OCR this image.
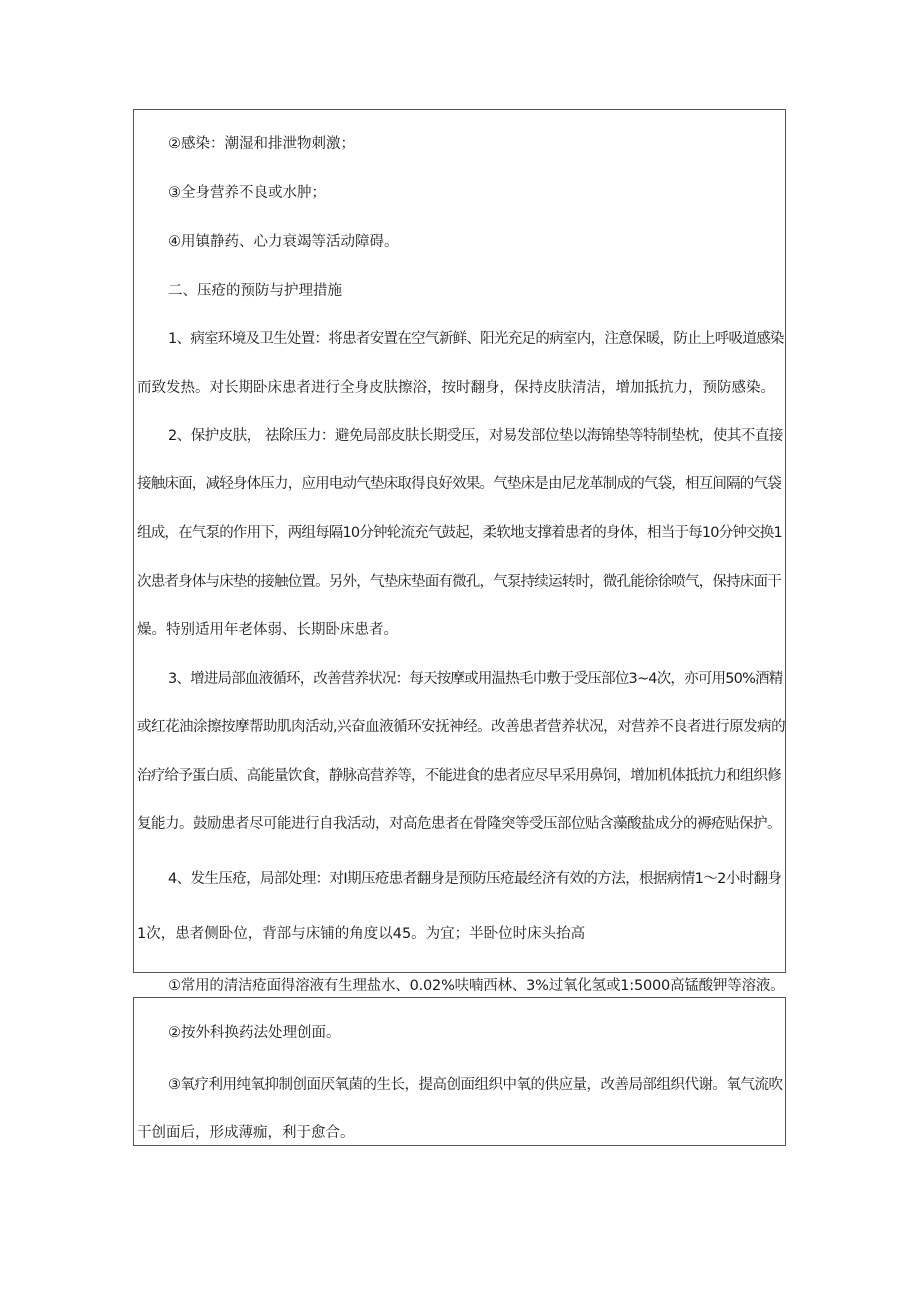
②感染：潮湿和排泄物刺激；
③全身营养不良或水肿；
④用镇静药、心力衰竭等活动障碍。
二、压疮的预防与护理措施
1、病室环境及卫生处置：将患者安置在空气新鲜、阳光充足的病室内，注意保暖，防止上呼吸道感染
而致发热。对长期卧床患者进行全身皮肤擦浴，按时翻身，保持皮肤清洁，增加抵抗力，预防感染。
2、保护皮肤， 祛除压力：避免局部皮肤长期受压，对易发部位垫以海锦垫等特制垫枕，使其不直接
接触床面，减轻身体压力，应用电动气垫床取得良好效果。气垫床是由尼龙革制成的气袋，相互间隔的气袋
组成，在气泵的作用下，两组每隔10分钟轮流充气鼓起，柔软地支撑着患者的身体，相当于每10分钟交换1
次患者身体与床垫的接触位置。另外，气垫床垫面有微孔，气泵持续运转时，微孔能徐徐喷气，保持床面干
燥。特别适用年老体弱、长期卧床患者。
3、增进局部血液循环，改善营养状况：每天按摩或用温热毛巾敷于受压部位3~4次，亦可用50%酒精
或红花油涂擦按摩帮助肌肉活动,兴奋血液循环安抚神经。改善患者营养状况，对营养不良者进行原发病的
治疗给予蛋白质、高能量饮食，静脉高营养等，不能进食的患者应尽早采用鼻饲，增加机体抵抗力和组织修
复能力。鼓励患者尽可能进行自我活动，对高危患者在骨隆突等受压部位贴含藻酸盐成分的褥疮贴保护。
4、发生压疮，局部处理：对I期压疮患者翻身是预防压疮最经济有效的方法，根据病情1～2小时翻身
1次，患者侧卧位，背部与床铺的角度以45。为宜；半卧位时床头抬高
①常用的清洁疮面得溶液有生理盐水、0.02%呋喃西林、3%过氧化氢或1:5000高锰酸钾等溶液。
②按外科换药法处理创面。
③氧疗利用纯氧抑制创面厌氧菌的生长，提高创面组织中氧的供应量，改善局部组织代谢。氧气流吹
干创面后，形成薄痂，利于愈合。
